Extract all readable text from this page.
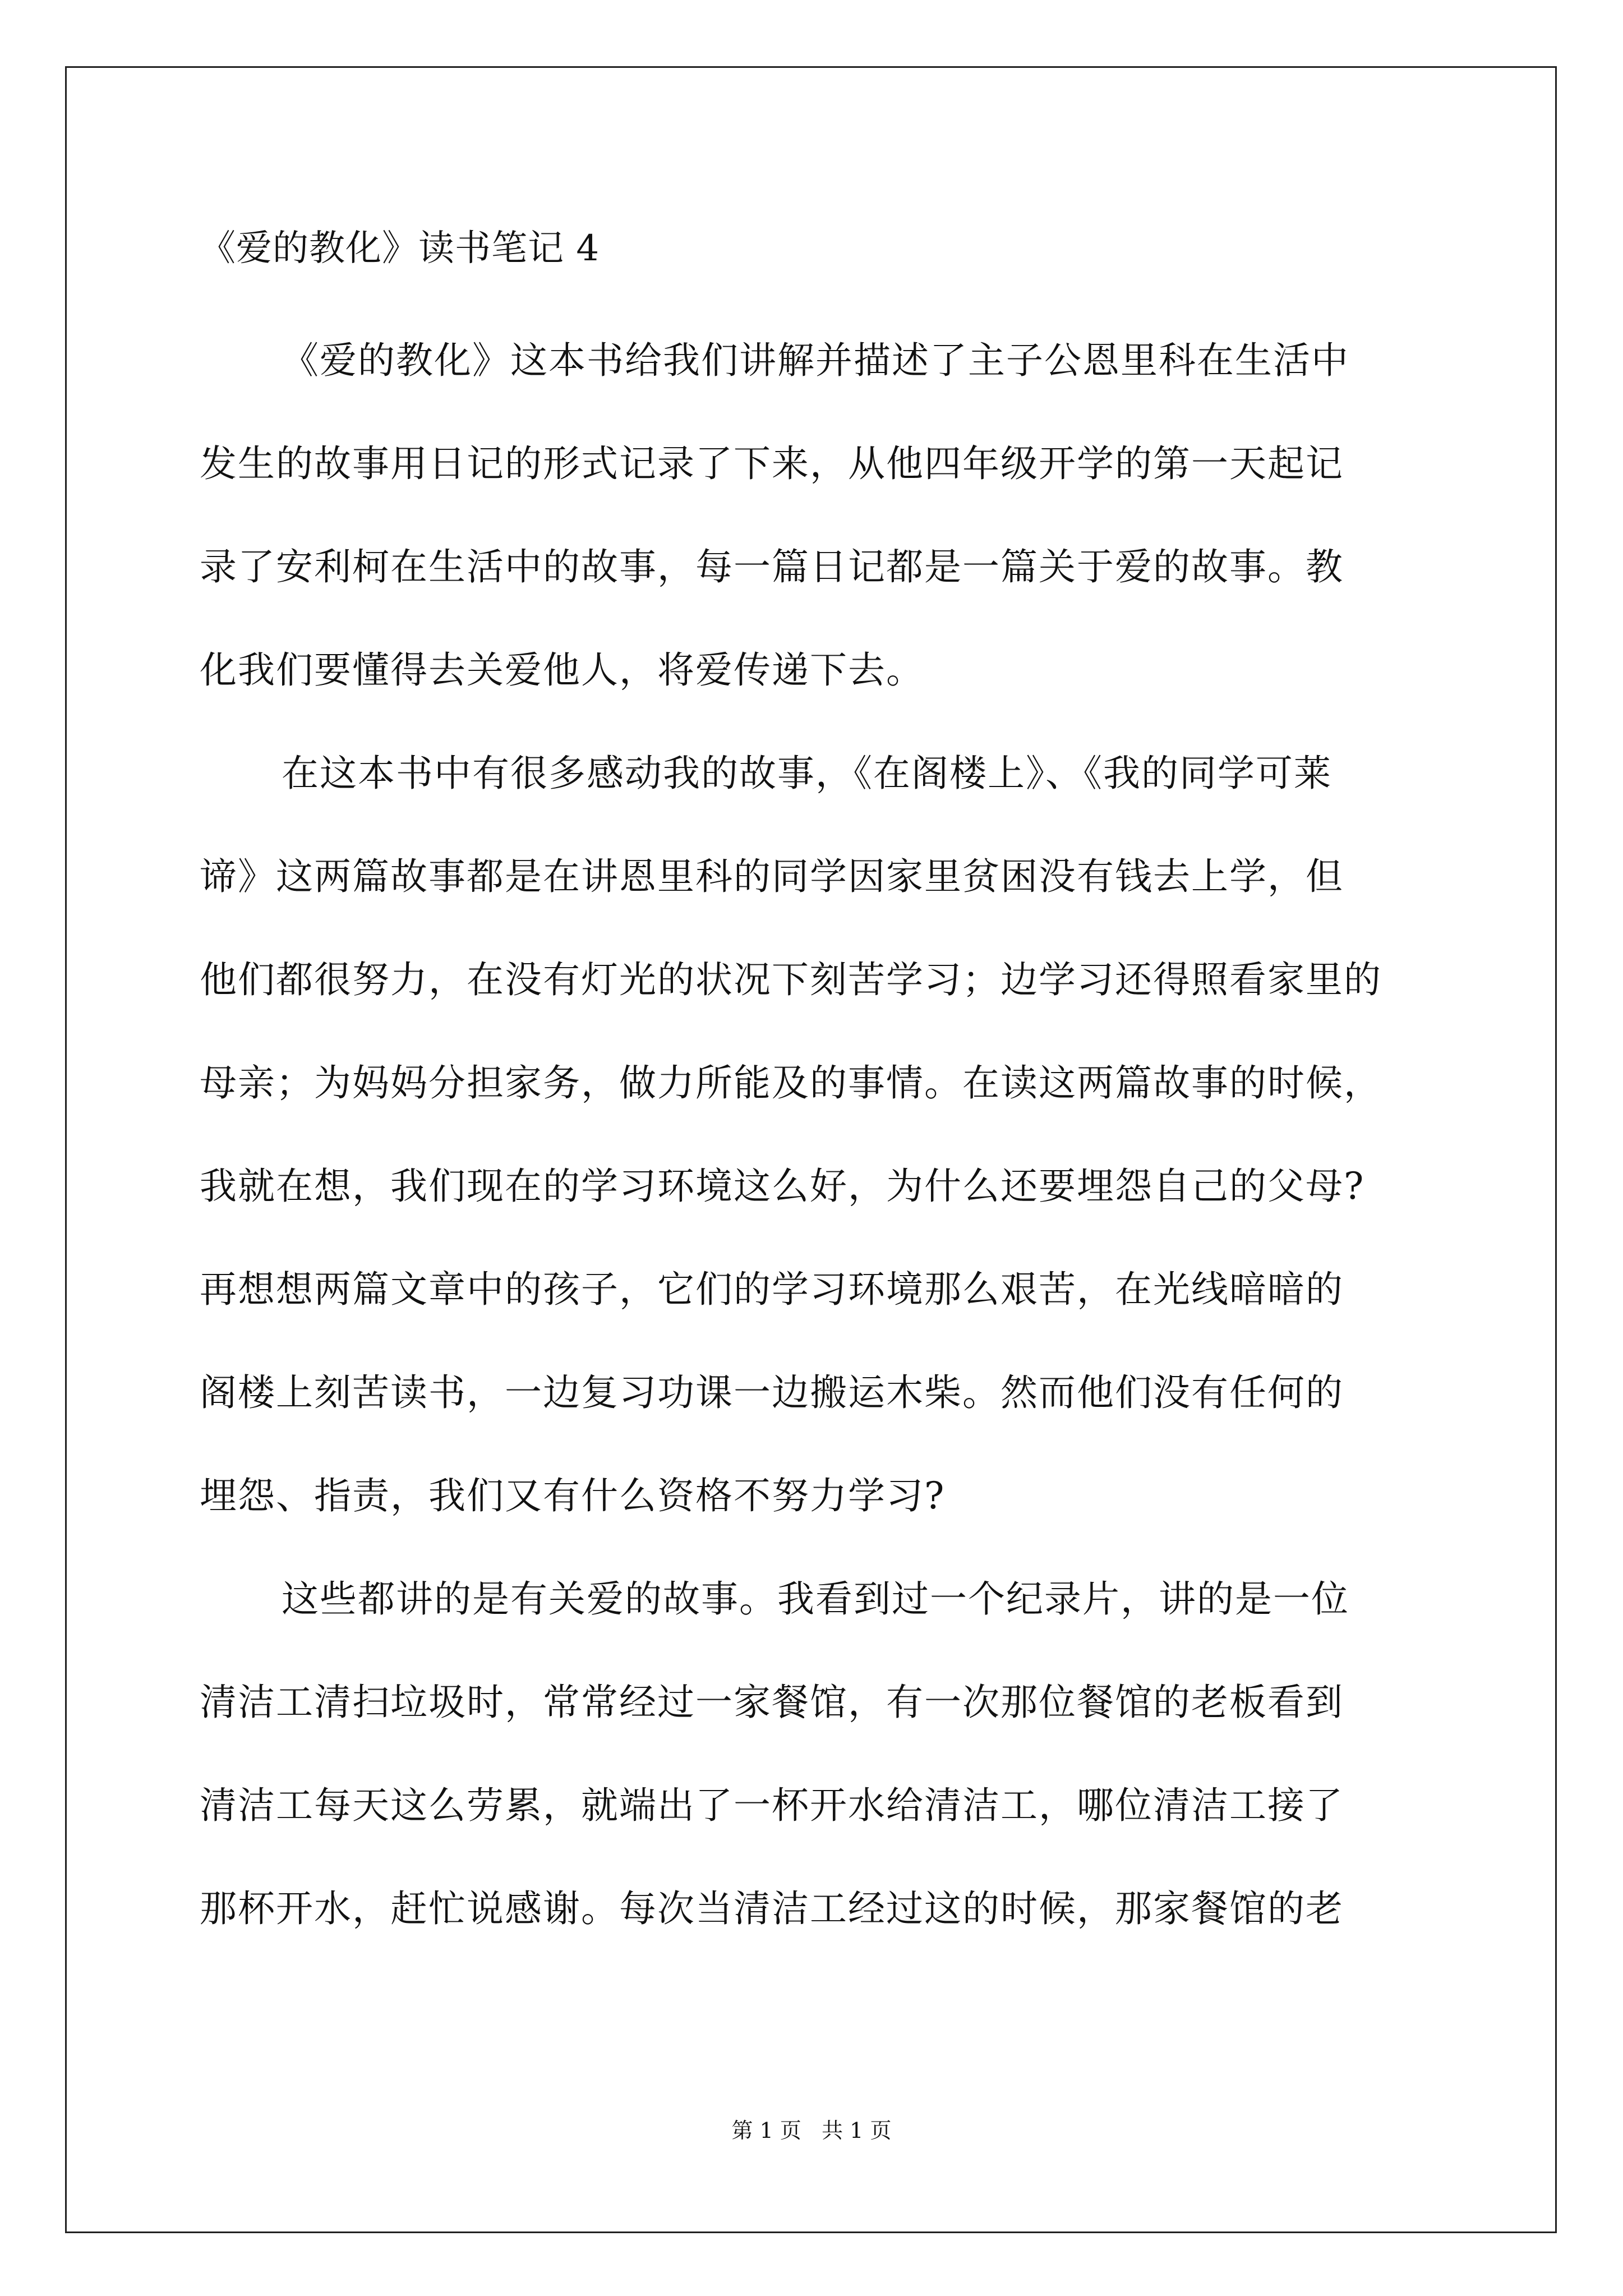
《爱的教化》读书笔记 4
《爱的教化》这本书给我们讲解并描述了主子公恩里科在生活中
发生的故事用日记的形式记录了下来，从他四年级开学的第一天起记
录了安利柯在生活中的故事，每一篇日记都是一篇关于爱的故事。教
化我们要懂得去关爱他人，将爱传递下去。
在这本书中有很多感动我的故事，《在阁楼上》、《我的同学可莱
谛》这两篇故事都是在讲恩里科的同学因家里贫困没有钱去上学，但
他们都很努力，在没有灯光的状况下刻苦学习；边学习还得照看家里的
母亲；为妈妈分担家务，做力所能及的事情。在读这两篇故事的时候，
我就在想，我们现在的学习环境这么好，为什么还要埋怨自己的父母?
再想想两篇文章中的孩子，它们的学习环境那么艰苦，在光线暗暗的
阁楼上刻苦读书，一边复习功课一边搬运木柴。然而他们没有任何的
埋怨、指责，我们又有什么资格不努力学习?
这些都讲的是有关爱的故事。我看到过一个纪录片，讲的是一位
清洁工清扫垃圾时，常常经过一家餐馆，有一次那位餐馆的老板看到
清洁工每天这么劳累，就端出了一杯开水给清洁工，哪位清洁工接了
那杯开水，赶忙说感谢。每次当清洁工经过这的时候，那家餐馆的老
第 1 页   共 1 页
